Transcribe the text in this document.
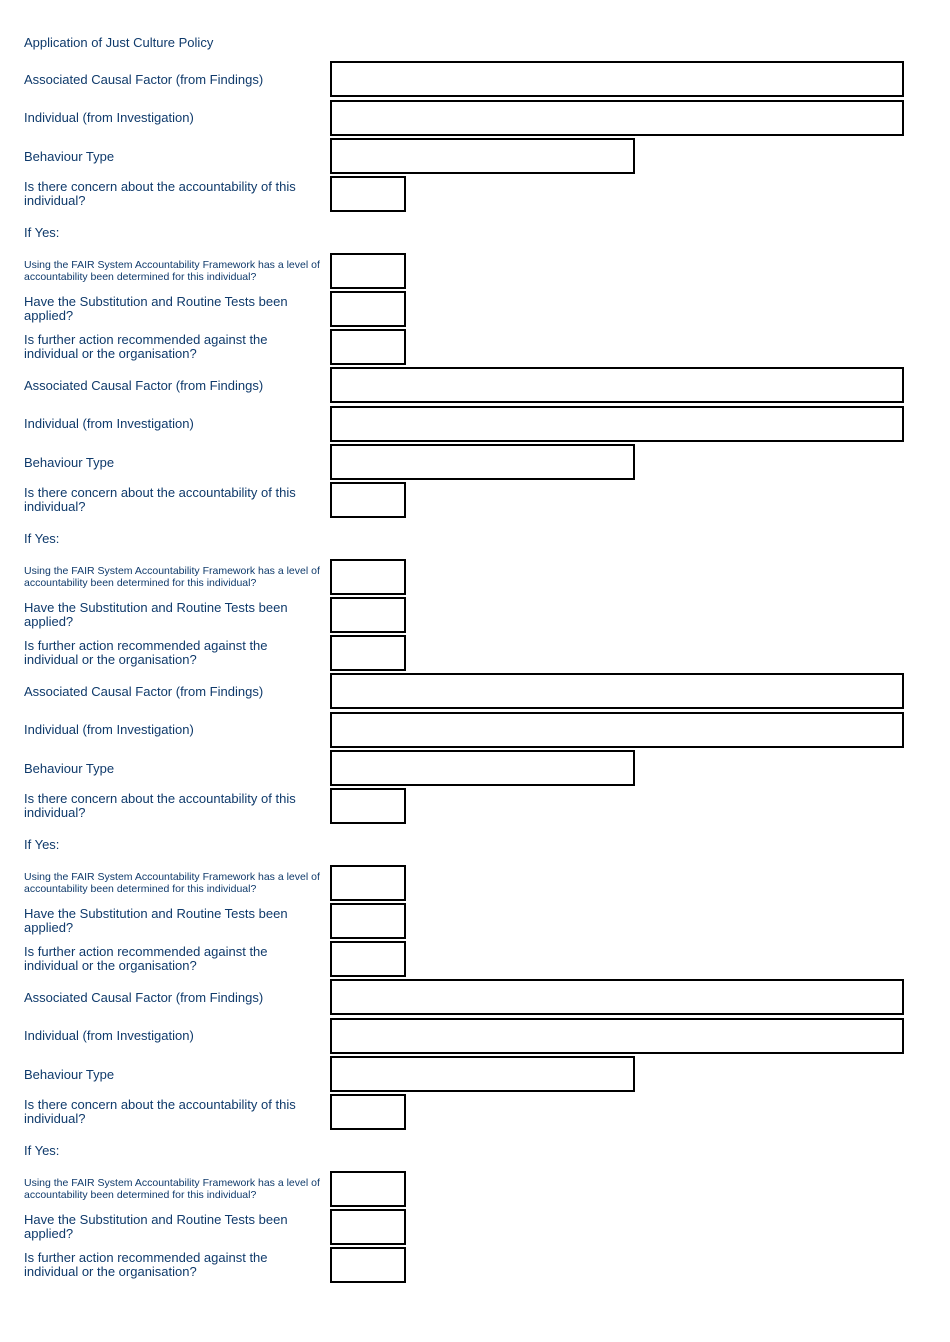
Application of Just Culture Policy
Associated Causal Factor (from Findings)
Individual (from Investigation)
Behaviour Type
Is there concern about the accountability of this individual?
If Yes:
Using the FAIR System Accountability Framework has a level of accountability been determined for this individual?
Have the Substitution and Routine Tests been applied?
Is further action recommended against the individual or the organisation?
Associated Causal Factor (from Findings)
Individual (from Investigation)
Behaviour Type
Is there concern about the accountability of this individual?
If Yes:
Using the FAIR System Accountability Framework has a level of accountability been determined for this individual?
Have the Substitution and Routine Tests been applied?
Is further action recommended against the individual or the organisation?
Associated Causal Factor (from Findings)
Individual (from Investigation)
Behaviour Type
Is there concern about the accountability of this individual?
If Yes:
Using the FAIR System Accountability Framework has a level of accountability been determined for this individual?
Have the Substitution and Routine Tests been applied?
Is further action recommended against the individual or the organisation?
Associated Causal Factor (from Findings)
Individual (from Investigation)
Behaviour Type
Is there concern about the accountability of this individual?
If Yes:
Using the FAIR System Accountability Framework has a level of accountability been determined for this individual?
Have the Substitution and Routine Tests been applied?
Is further action recommended against the individual or the organisation?
